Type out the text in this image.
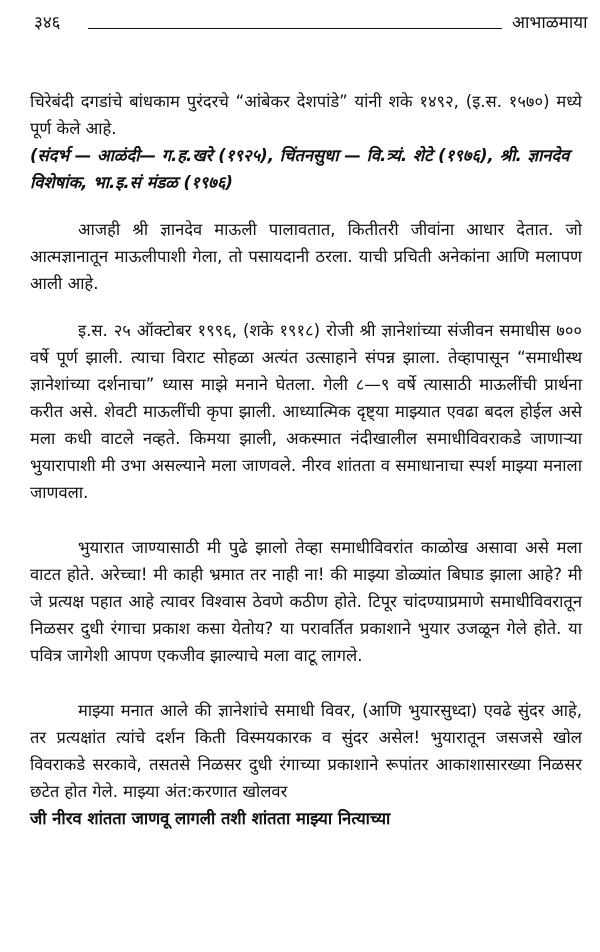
३४६	आभाळमाया

चिरेबंदी दगडांचे बांधकाम पुरंदरचे “आंबेकर देशपांडे” यांनी शके १४९२, (इ.स. १५७०) मध्ये पूर्ण केले आहे.

(संदर्भ — आळंदी— ग.ह.खरे (१९२५), चिंतनसुधा — वि.त्र्यं. शेटे (१९७६), श्री. ज्ञानदेव विशेषांक, भा.इ.सं मंडळ (१९७६)

आजही श्री ज्ञानदेव माऊली पालावतात, कितीतरी जीवांना आधार देतात. जो आत्मज्ञानातून माऊलीपाशी गेला, तो पसायदानी ठरला. याची प्रचिती अनेकांना आणि मलापण आली आहे.

इ.स. २५ ऑक्टोबर १९९६, (शके १९१८) रोजी श्री ज्ञानेशांच्या संजीवन समाधीस ७०० वर्षे पूर्ण झाली. त्याचा विराट सोहळा अत्यंत उत्साहाने संपन्न झाला. तेव्हापासून “समाधीस्थ ज्ञानेशांच्या दर्शनाचा” ध्यास माझे मनाने घेतला. गेली ८—९ वर्षे त्यासाठी माऊलींची प्रार्थना करीत असे. शेवटी माऊलींची कृपा झाली. आध्यात्मिक दृष्ट्या माझ्यात एवढा बदल होईल असे मला कधी वाटले नव्हते. किमया झाली, अकस्मात नंदीखालील समाधीविवराकडे जाणाऱ्या भुयारापाशी मी उभा असल्याने मला जाणवले. नीरव शांतता व समाधानाचा स्पर्श माझ्या मनाला जाणवला.

भुयारात जाण्यासाठी मी पुढे झालो तेव्हा समाधीविवरांत काळोख असावा असे मला वाटत होते. अरेच्चा! मी काही भ्रमात तर नाही ना! की माझ्या डोळ्यांत बिघाड झाला आहे? मी जे प्रत्यक्ष पहात आहे त्यावर विश्वास ठेवणे कठीण होते. टिपूर चांदण्याप्रमाणे समाधीविवरातून निळसर दुधी रंगाचा प्रकाश कसा येतोय? या परावर्तित प्रकाशाने भुयार उजळून गेले होते. या पवित्र जागेशी आपण एकजीव झाल्याचे मला वाटू लागले.

माझ्या मनात आले की ज्ञानेशांचे समाधी विवर, (आणि भुयारसुध्दा) एवढे सुंदर आहे, तर प्रत्यक्षांत त्यांचे दर्शन किती विस्मयकारक व सुंदर असेल! भुयारातून जसजसे खोल विवराकडे सरकावे, तसतसे निळसर दुधी रंगाच्या प्रकाशाने रूपांतर आकाशासारख्या निळसर छटेत होत गेले. माझ्या अंत:करणात खोलवर

जी नीरव शांतता जाणवू लागली तशी शांतता माझ्या नित्याच्या
